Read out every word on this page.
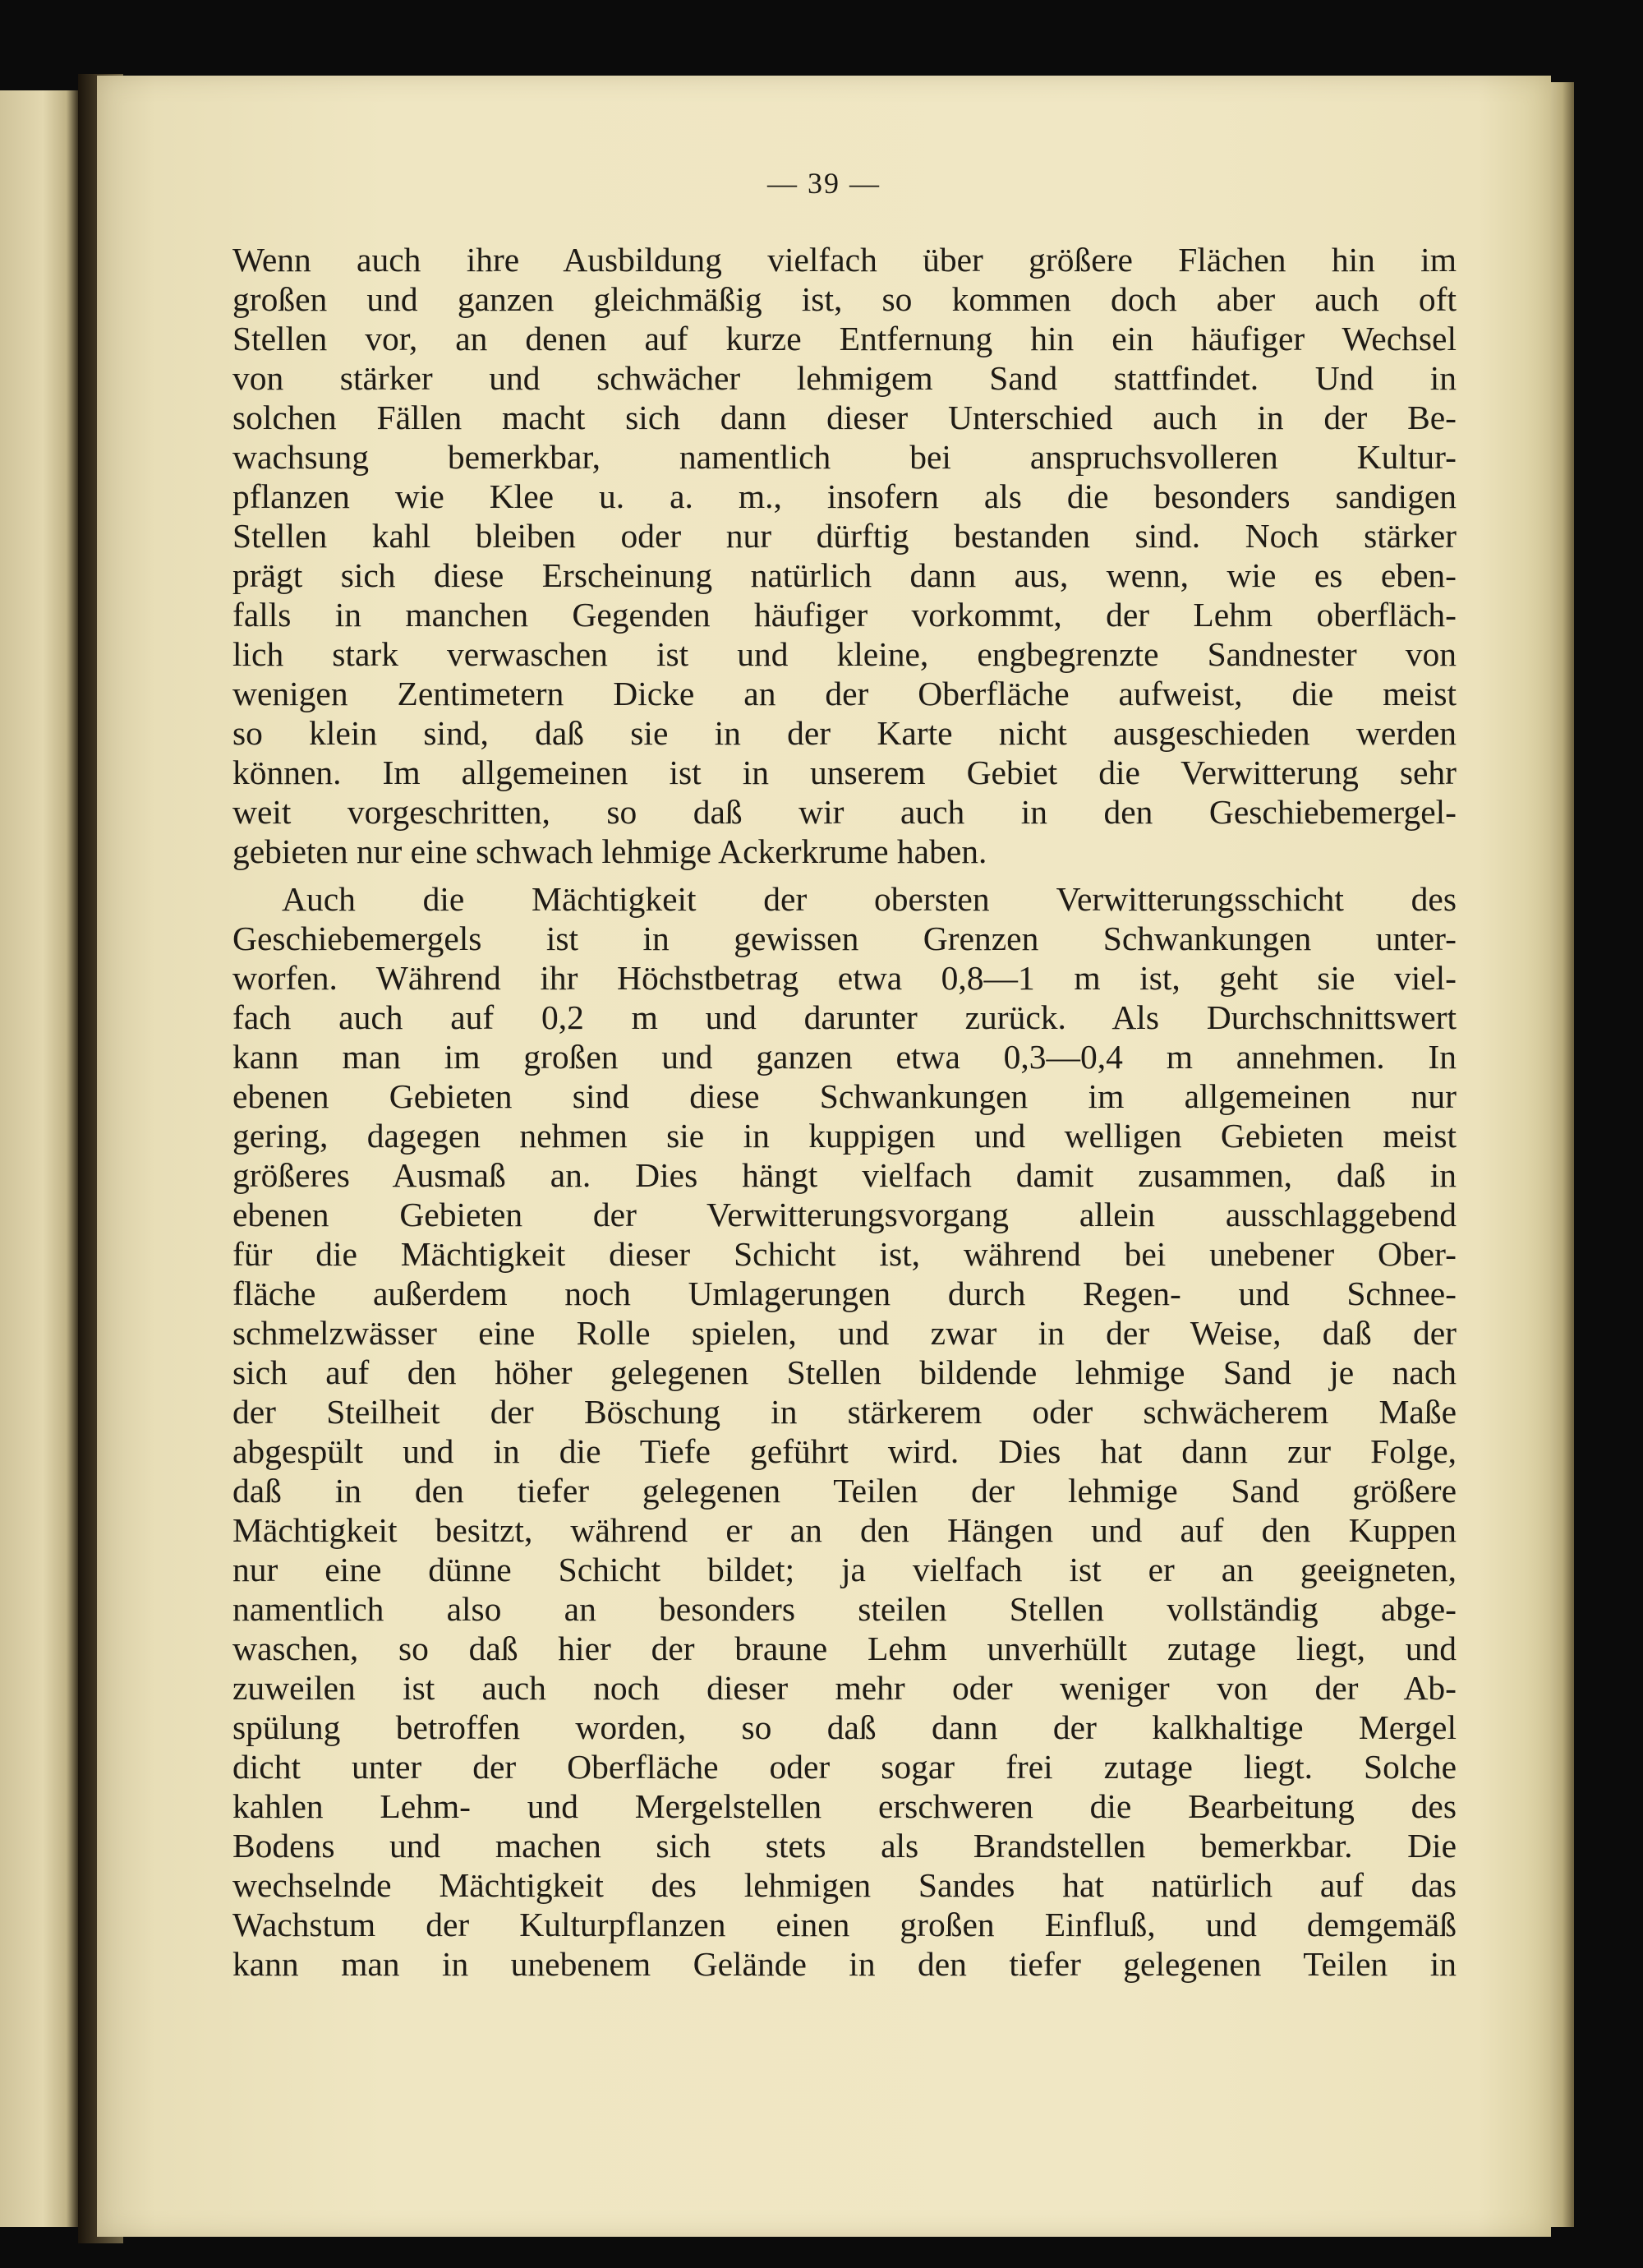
— 39 —
Wenn auch ihre Ausbildung vielfach über größere Flächen hin im
großen und ganzen gleichmäßig ist, so kommen doch aber auch oft
Stellen vor, an denen auf kurze Entfernung hin ein häufiger Wechsel
von stärker und schwächer lehmigem Sand stattfindet. Und in
solchen Fällen macht sich dann dieser Unterschied auch in der Be-
wachsung bemerkbar, namentlich bei anspruchsvolleren Kultur-
pflanzen wie Klee u. a. m., insofern als die besonders sandigen
Stellen kahl bleiben oder nur dürftig bestanden sind. Noch stärker
prägt sich diese Erscheinung natürlich dann aus, wenn, wie es eben-
falls in manchen Gegenden häufiger vorkommt, der Lehm oberfläch-
lich stark verwaschen ist und kleine, engbegrenzte Sandnester von
wenigen Zentimetern Dicke an der Oberfläche aufweist, die meist
so klein sind, daß sie in der Karte nicht ausgeschieden werden
können. Im allgemeinen ist in unserem Gebiet die Verwitterung sehr
weit vorgeschritten, so daß wir auch in den Geschiebemergel-
gebieten nur eine schwach lehmige Ackerkrume haben.
Auch die Mächtigkeit der obersten Verwitterungsschicht des
Geschiebemergels ist in gewissen Grenzen Schwankungen unter-
worfen. Während ihr Höchstbetrag etwa 0,8—1 m ist, geht sie viel-
fach auch auf 0,2 m und darunter zurück. Als Durchschnittswert
kann man im großen und ganzen etwa 0,3—0,4 m annehmen. In
ebenen Gebieten sind diese Schwankungen im allgemeinen nur
gering, dagegen nehmen sie in kuppigen und welligen Gebieten meist
größeres Ausmaß an. Dies hängt vielfach damit zusammen, daß in
ebenen Gebieten der Verwitterungsvorgang allein ausschlaggebend
für die Mächtigkeit dieser Schicht ist, während bei unebener Ober-
fläche außerdem noch Umlagerungen durch Regen- und Schnee-
schmelzwässer eine Rolle spielen, und zwar in der Weise, daß der
sich auf den höher gelegenen Stellen bildende lehmige Sand je nach
der Steilheit der Böschung in stärkerem oder schwächerem Maße
abgespült und in die Tiefe geführt wird. Dies hat dann zur Folge,
daß in den tiefer gelegenen Teilen der lehmige Sand größere
Mächtigkeit besitzt, während er an den Hängen und auf den Kuppen
nur eine dünne Schicht bildet; ja vielfach ist er an geeigneten,
namentlich also an besonders steilen Stellen vollständig abge-
waschen, so daß hier der braune Lehm unverhüllt zutage liegt, und
zuweilen ist auch noch dieser mehr oder weniger von der Ab-
spülung betroffen worden, so daß dann der kalkhaltige Mergel
dicht unter der Oberfläche oder sogar frei zutage liegt. Solche
kahlen Lehm- und Mergelstellen erschweren die Bearbeitung des
Bodens und machen sich stets als Brandstellen bemerkbar. Die
wechselnde Mächtigkeit des lehmigen Sandes hat natürlich auf das
Wachstum der Kulturpflanzen einen großen Einfluß, und demgemäß
kann man in unebenem Gelände in den tiefer gelegenen Teilen in
